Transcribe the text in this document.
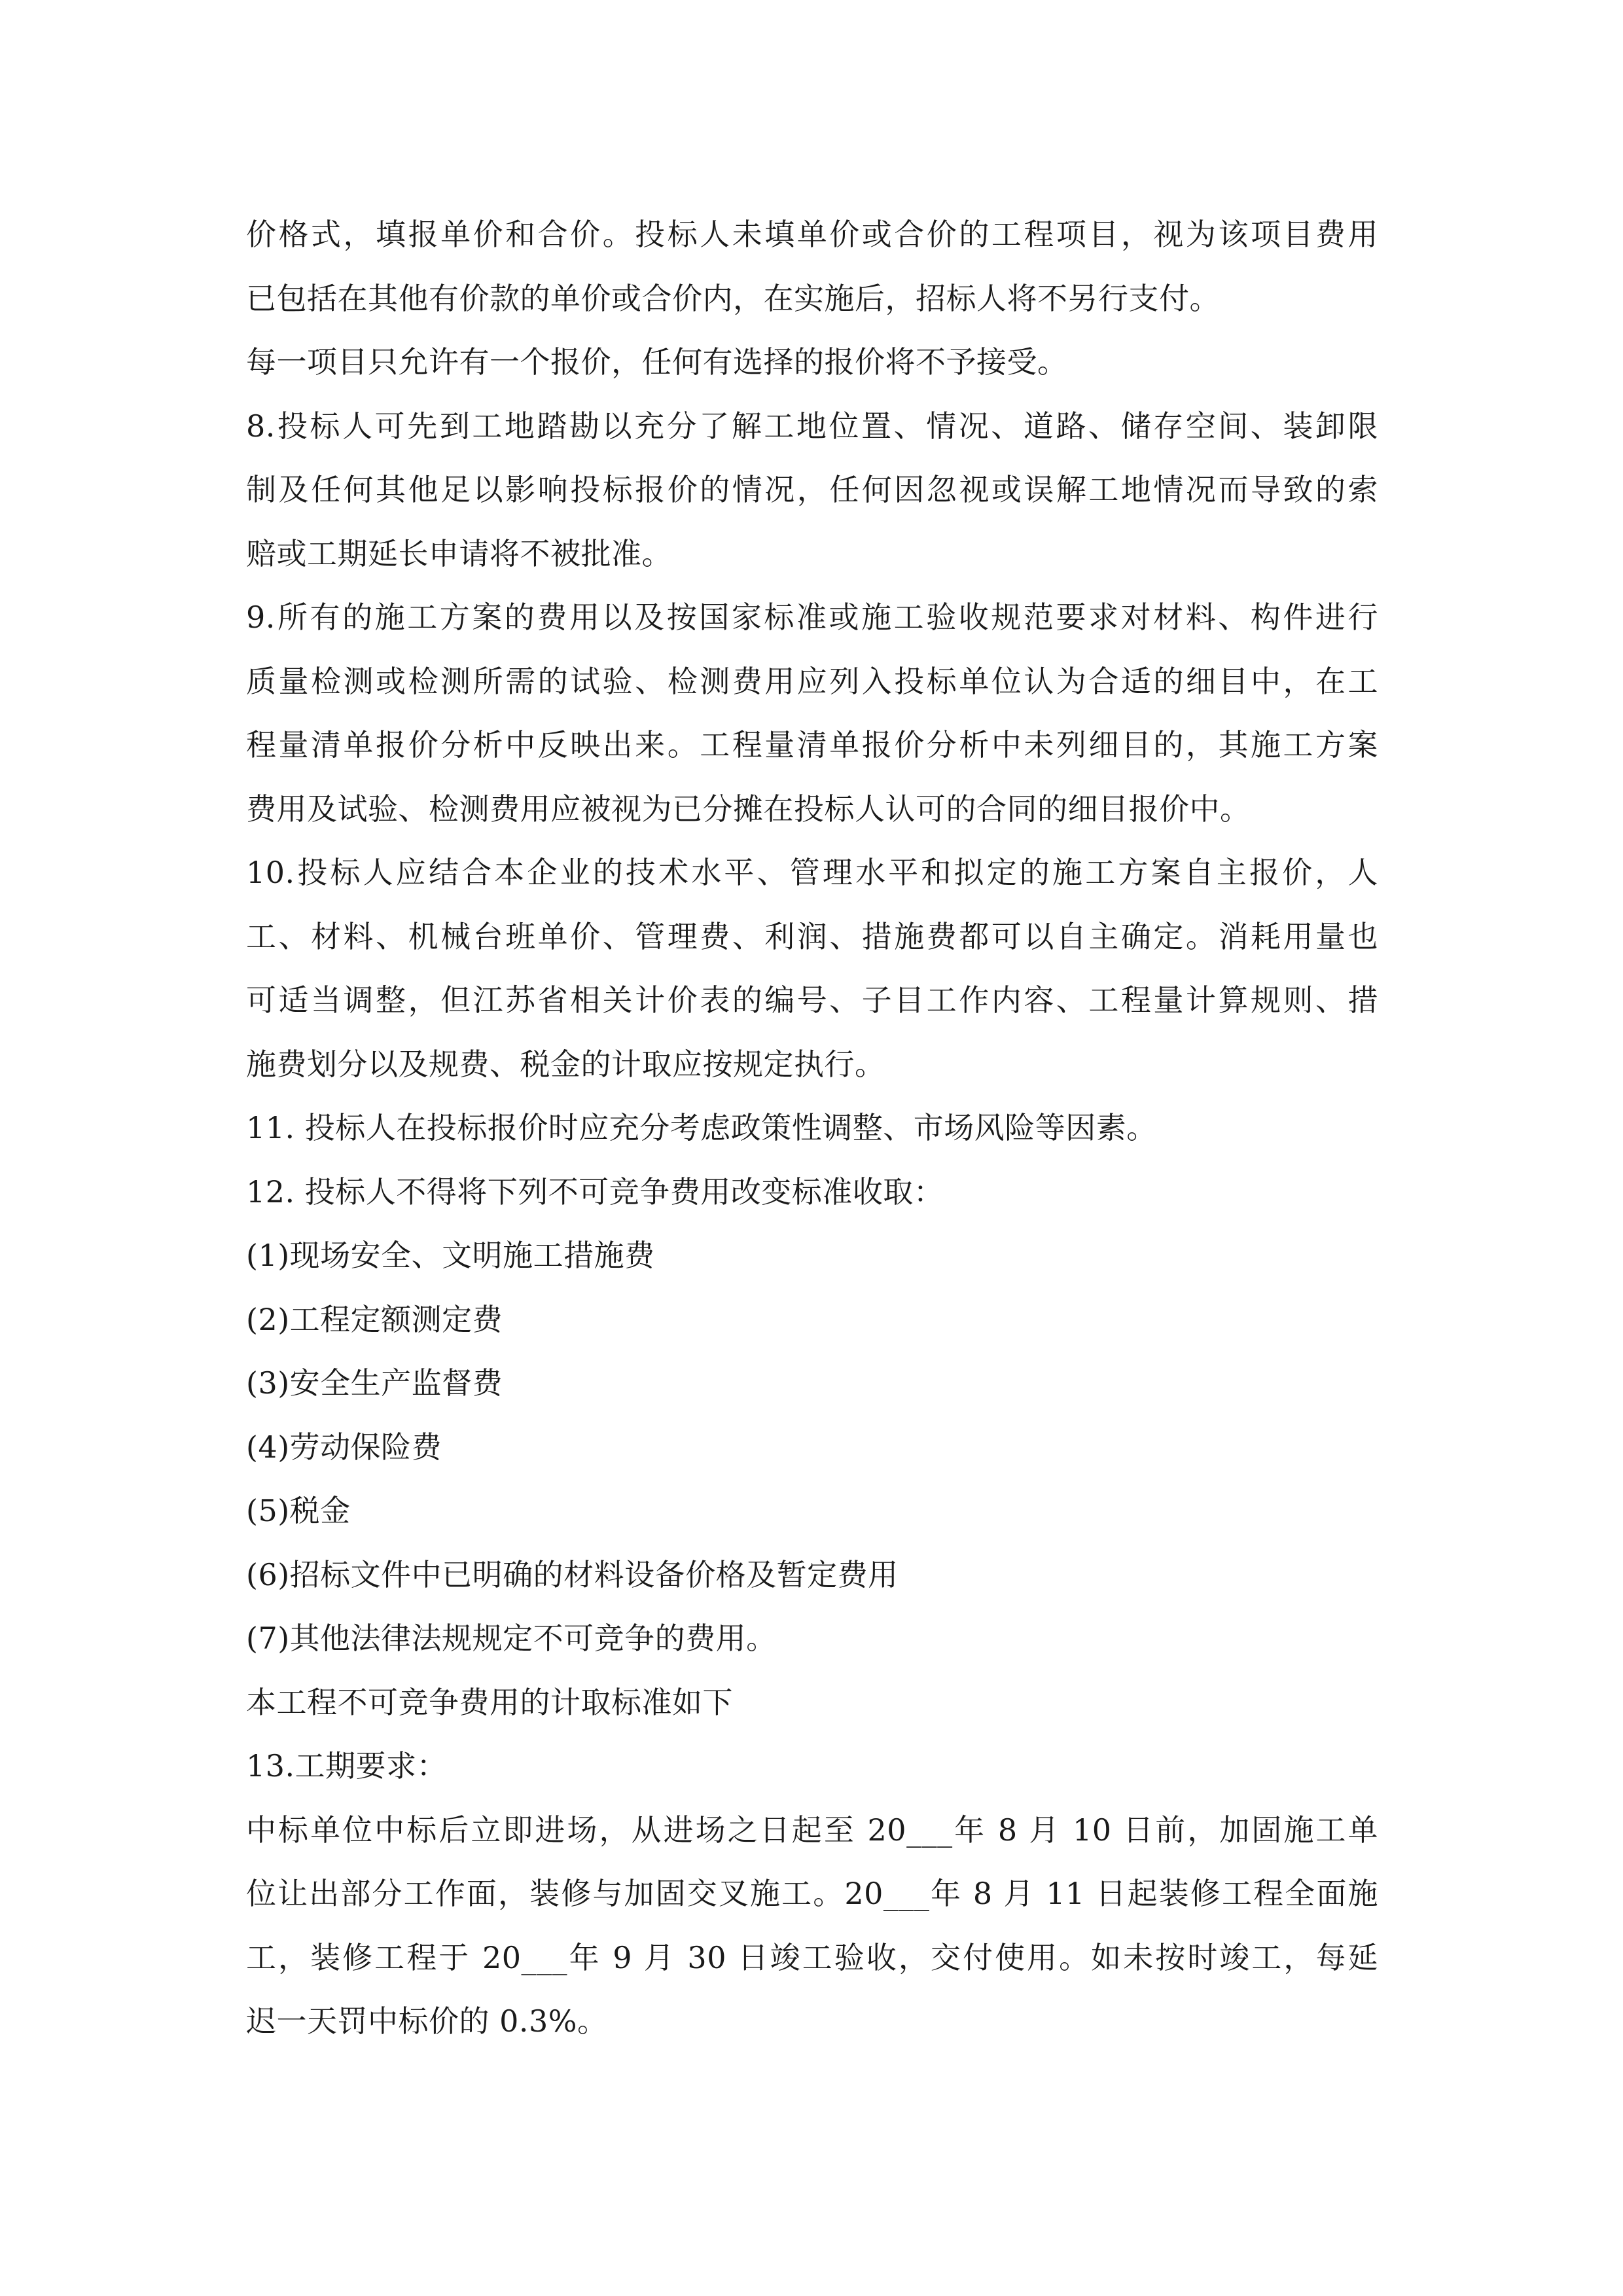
价格式，填报单价和合价。投标人未填单价或合价的工程项目，视为该项目费用

已包括在其他有价款的单价或合价内，在实施后，招标人将不另行支付。

每一项目只允许有一个报价，任何有选择的报价将不予接受。

8.投标人可先到工地踏勘以充分了解工地位置、情况、道路、储存空间、装卸限

制及任何其他足以影响投标报价的情况，任何因忽视或误解工地情况而导致的索

赔或工期延长申请将不被批准。

9.所有的施工方案的费用以及按国家标准或施工验收规范要求对材料、构件进行

质量检测或检测所需的试验、检测费用应列入投标单位认为合适的细目中，在工

程量清单报价分析中反映出来。工程量清单报价分析中未列细目的，其施工方案

费用及试验、检测费用应被视为已分摊在投标人认可的合同的细目报价中。

10.投标人应结合本企业的技术水平、管理水平和拟定的施工方案自主报价，人

工、材料、机械台班单价、管理费、利润、措施费都可以自主确定。消耗用量也

可适当调整，但江苏省相关计价表的编号、子目工作内容、工程量计算规则、措

施费划分以及规费、税金的计取应按规定执行。

11. 投标人在投标报价时应充分考虑政策性调整、市场风险等因素。

12. 投标人不得将下列不可竞争费用改变标准收取：

(1)现场安全、文明施工措施费

(2)工程定额测定费

(3)安全生产监督费

(4)劳动保险费

(5)税金

(6)招标文件中已明确的材料设备价格及暂定费用

(7)其他法律法规规定不可竞争的费用。

本工程不可竞争费用的计取标准如下

13.工期要求：

中标单位中标后立即进场，从进场之日起至 20___年 8 月 10 日前，加固施工单

位让出部分工作面，装修与加固交叉施工。20___年 8 月 11 日起装修工程全面施

工，装修工程于 20___年 9 月 30 日竣工验收，交付使用。如未按时竣工，每延

迟一天罚中标价的 0.3%。
